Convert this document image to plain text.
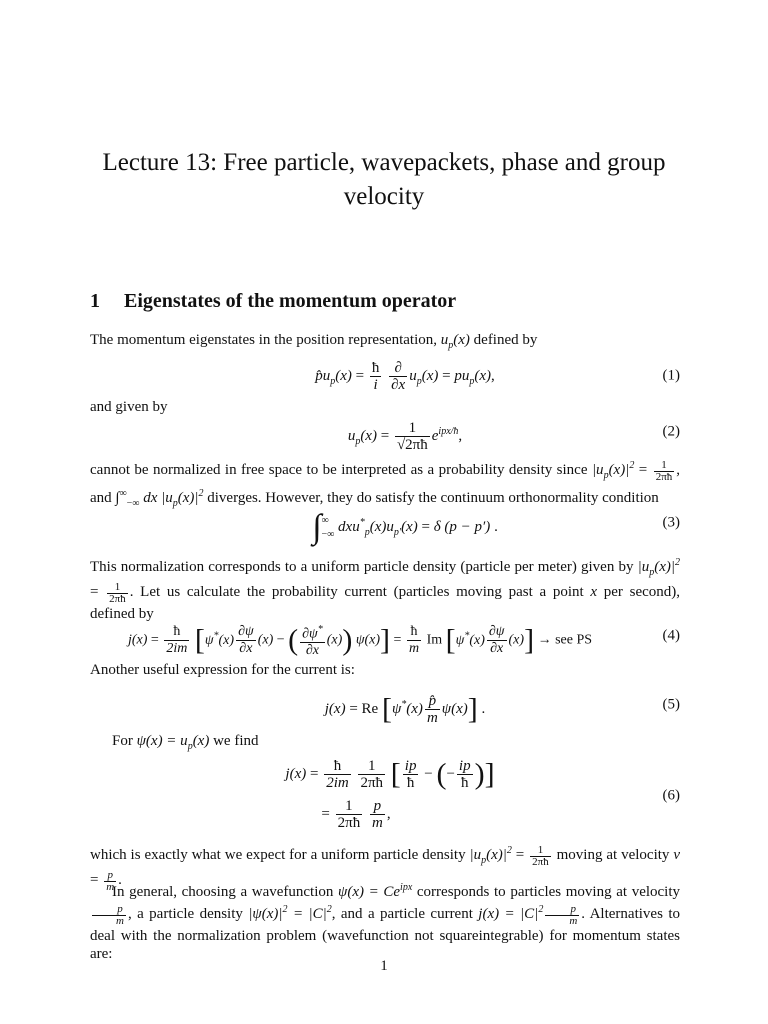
Lecture 13: Free particle, wavepackets, phase and group velocity
1 Eigenstates of the momentum operator
The momentum eigenstates in the position representation, $u_p(x)$ defined by
$p̂u_p(x) = \frac{ħ}{i}$
$\frac{\partial}{\partial x} u_p(x) = pu_p(x)$,	(1)
and given by
$u_p(x) = \frac{1}{√2\pi ħ} e^{ipx/ħ}$,	(2)
cannot be normalized in free space to be interpreted as a probability density since $|u_p(x)|^2 = \frac{1}{2\pi ħ}$ , and $\int^\infty_{-\infty}$ dx $|u_p(x)|^2$ diverges. However, they do satisfy the continuum orthonormality condition
∫ ∞
−∞ $dxu^*_p(x)u_{p'}(x) = \delta$ (p − p′) .	(3)
This normalization corresponds to a uniform particle density (particle per meter) given by $|u_p(x)|^2 = \frac{1}{2\pi ħ}$ . Let us calculate the probability current (particles moving past a point x per second), defined by
$j(x) = \frac{ħ}{2im} [\psi^*(x) \frac{\partial\psi}{\partial x} (x)$ − ( $\frac{\partial\psi^*}{\partial x} (x)$) $\psi(x)] = \frac{ħ}{m}$ Im $[\psi^*(x) \frac{\partial\psi}{\partial x} (x)]$ → see PS	(4)
Another useful expression for the current is:
j(x) = Re $[\psi^*(x) \frac{p̂}{m} \psi(x)]$ .	(5)
For $\psi(x) = u_p(x)$ we find
$j(x) = \frac{ħ}{2im}$
$\frac{1}{2\pi ħ}$ [ $\frac{ip}{ħ}$ − (− $\frac{ip}{ħ}$ )]
= $\frac{1}{2\pi ħ}$
$\frac{p}{m}$ ,
(6)
which is exactly what we expect for a uniform particle density $|u_p(x)|^2 = \frac{1}{2\pi ħ}$ moving at velocity $v = \frac{p}{m}$ .
In general, choosing a wavefunction $\psi(x) = Ce^{ipx}$ corresponds to particles moving at velocity
$\frac{p}{m}$ , a particle density $|\psi(x)|^2 = |C|^2$, and a particle current $j(x) = |C|^2 \frac{p}{m}$ . Alternatives to deal with the normalization problem (wavefunction not squareintegrable) for momentum states are:
1
